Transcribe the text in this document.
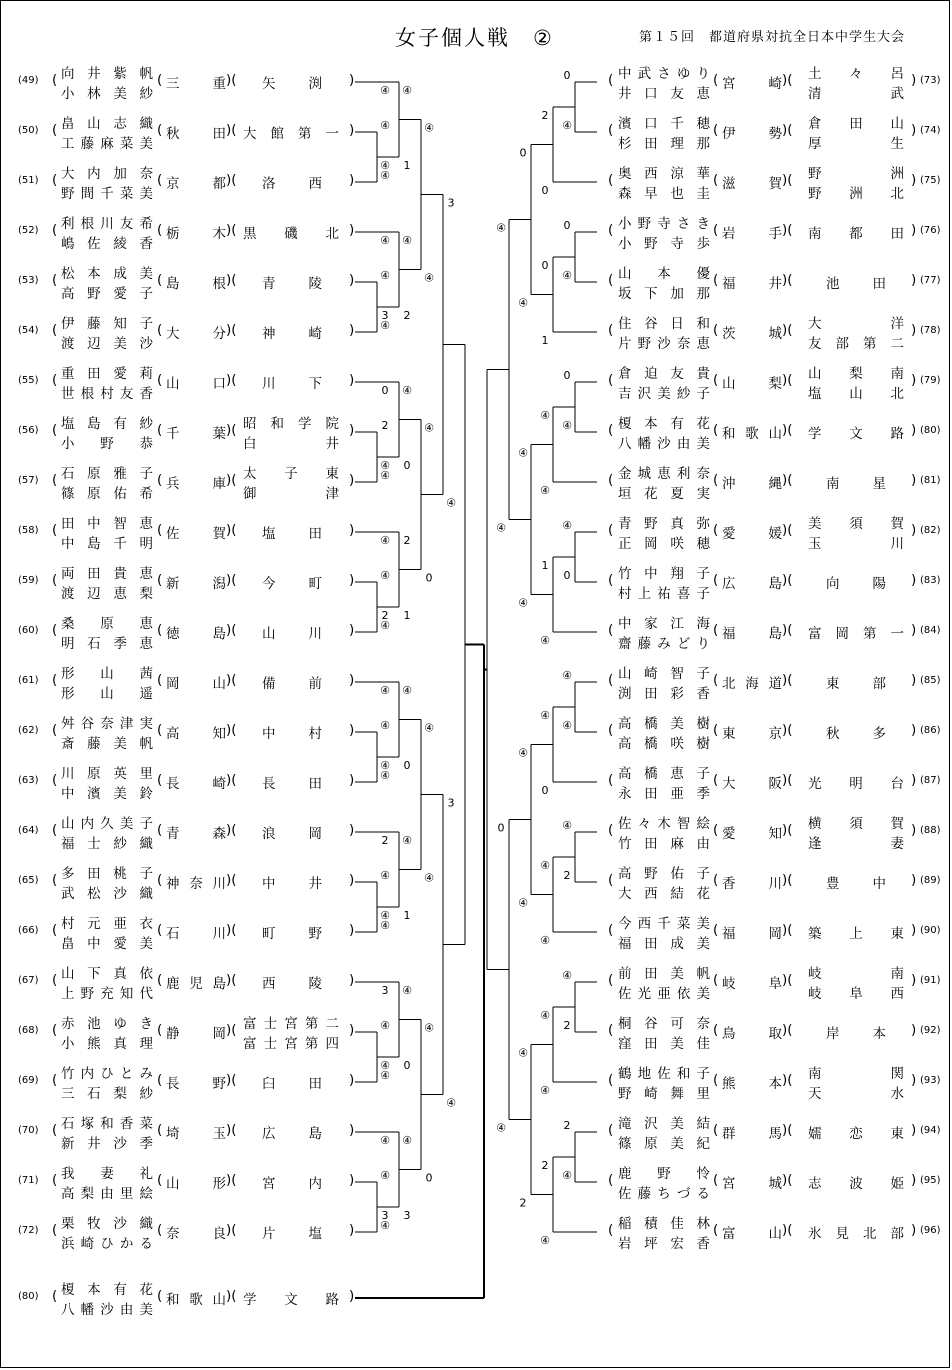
女子個人戦　②	第１５回　都道府県対抗全日本中学生大会
(49) ( 向井紫帆
小林美紗
( 三重 )( 矢渕 )
(50) ( 畠山志織
工藤麻菜美
( 秋田 )( 大館第一 )
(51) ( 大内加奈
野間千菜美
( 京都 )( 洛西 )
(52) ( 利根川友希
嶋佐綾香
( 栃木 )( 黒磯北 )
(53) ( 松本成美
高野愛子
( 島根 )( 青陵 )
(54) ( 伊藤知子
渡辺美沙
( 大分 )( 神崎 )
(55) ( 重田愛莉
世根村友香
( 山口 )( 川下 )
(56) ( 塩島有紗
小野恭
( 千葉 )( 昭和学院
白井
)
(57) ( 石原雅子
篠原佑希
( 兵庫 )( 太子東
御津
)
(58) ( 田中智恵
中島千明
( 佐賀 )( 塩田 )
(59) ( 両田貴恵
渡辺恵梨
( 新潟 )( 今町 )
(60) ( 桑原恵
明石季恵
( 徳島 )( 山川 )
(61) ( 形山茜
形山遥
( 岡山 )( 備前 )
(62) ( 舛谷奈津実
斎藤美帆
( 高知 )( 中村 )
(63) ( 川原英里
中濱美鈴
( 長崎 )( 長田 )
(64) ( 山内久美子
福士紗織
( 青森 )( 浪岡 )
(65) ( 多田桃子
武松沙織
( 神奈川 )( 中井 )
(66) ( 村元亜衣
畠中愛美
( 石川 )( 町野 )
(67) ( 山下真依
上野充知代
( 鹿児島 )( 西陵 )
(68) ( 赤池ゆき
小熊真理
( 静岡 )( 富士宮第二
富士宮第四
)
(69) ( 竹内ひとみ
三石梨紗
( 長野 )( 臼田 )
(70) ( 石塚和香菜
新井沙季
( 埼玉 )( 広島 )
(71) ( 我妻礼
高梨由里絵
( 山形 )( 宮内 )
(72) ( 栗牧沙織
浜崎ひかる
( 奈良 )( 片塩 )
(80) ( 榎本有花
八幡沙由美
( 和歌山 )( 学文路 )
( 中武さゆり
井口友恵
( 宮崎 )( 土々呂
清武
) (73)
( 濱口千穂
杉田理那
( 伊勢 )( 倉田山
厚生
) (74)
( 奥西涼華
森早也圭
( 滋賀 )( 野洲
野洲北
) (75)
( 小野寺さき
小野寺歩
( 岩手 )( 南都田 ) (76)
( 山本優
坂下加那
( 福井 )( 池田 ) (77)
( 住谷日和
片野沙奈恵
( 茨城 )( 大洋
友部第二
) (78)
( 倉迫友貴
吉沢美紗子
( 山梨 )( 山梨南
塩山北
) (79)
( 榎本有花
八幡沙由美
( 和歌山 )( 学文路 ) (80)
( 金城恵利奈
垣花夏実
( 沖縄 )( 南星 ) (81)
( 青野真弥
正岡咲穂
( 愛媛 )( 美須賀
玉川
) (82)
( 竹中翔子
村上祐喜子
( 広島 )( 向陽 ) (83)
( 中家江海
齋藤みどり
( 福島 )( 富岡第一 ) (84)
( 山崎智子
渕田彩香
( 北海道 )( 東部 ) (85)
( 高橋美樹
高橋咲樹
( 東京 )( 秋多 ) (86)
( 高橋恵子
永田亜季
( 大阪 )( 光明台 ) (87)
( 佐々木智絵
竹田麻由
( 愛知 )( 横須賀
逢妻
) (88)
( 高野佑子
大西結花
( 香川 )( 豊中 ) (89)
( 今西千菜美
福田成美
( 福岡 )( 築上東 ) (90)
( 前田美帆
佐光亜依美
( 岐阜 )( 岐南
岐阜西
) (91)
( 桐谷可奈
窪田美佳
( 鳥取 )( 岸本 ) (92)
( 鶴地佐和子
野崎舞里
( 熊本 )( 南関
天水
) (93)
( 滝沢美結
篠原美紀
( 群馬 )( 嬬恋東 ) (94)
( 鹿野怜
佐藤ちづる
( 宮城 )( 志波姫 ) (95)
( 稲積佳林
岩坪宏香
( 富山 )( 氷見北部 ) (96)
④
④
④
④
④
1
0
④
2
0
④
④
④
3
④
2
0
④
0
1
2
④
0
④
④
0
0
④
④
④
④
④
④
2
2
1
④
0
1
④
④
④
④
④
④
0
④
④
④
0
④
④
2
④
④
1
④
2
④
④
④
④
3
④
④
0
④
2
④
④
④
④
④
3
④
3
2
④
2
④
④
④
0
④
④
0
④
④
④
④
④
④
④
0
④
2
3
④
④
④
3
④
0
④
